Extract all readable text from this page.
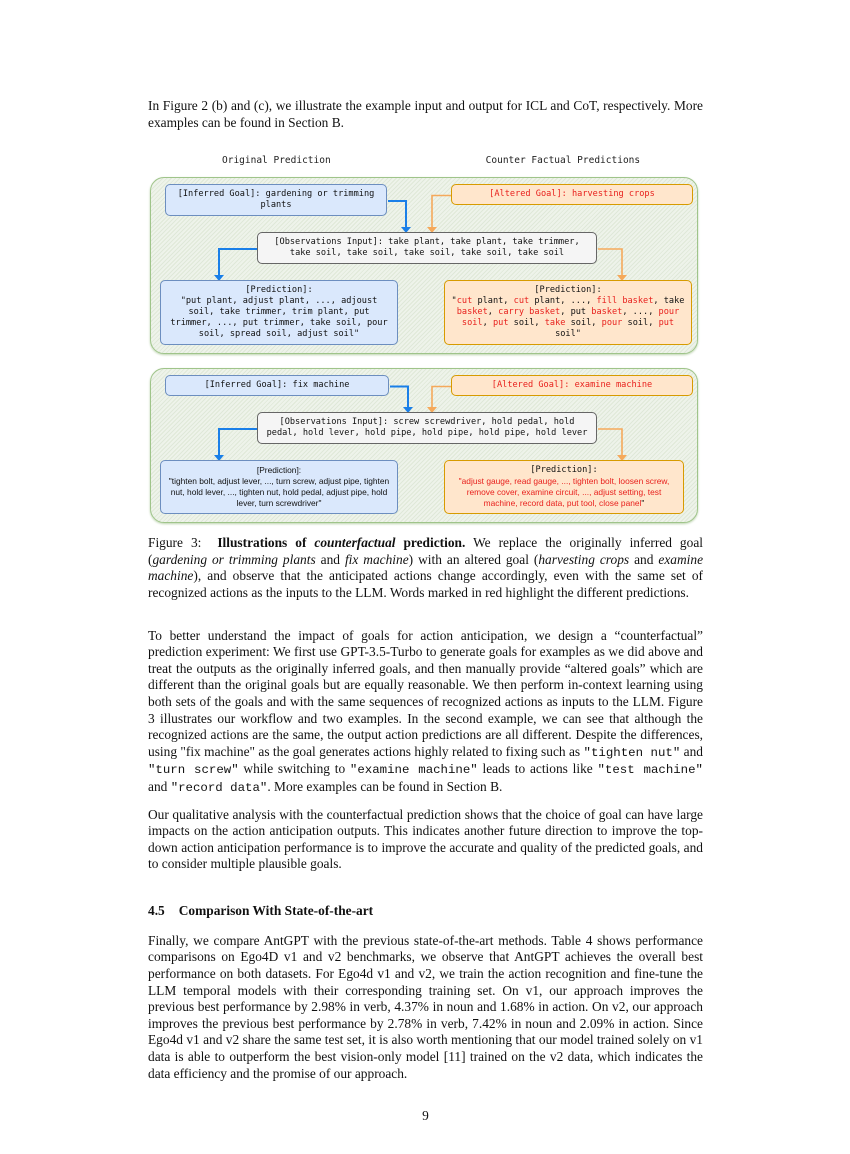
In Figure 2 (b) and (c), we illustrate the example input and output for ICL and CoT, respectively. More examples can be found in Section B.

Original Prediction	Counter Factual Predictions
[Inferred Goal]: gardening or trimming plants
[Altered Goal]: harvesting crops
[Observations Input]: take plant, take plant, take trimmer, take soil, take soil, take soil, take soil, take soil
[Prediction]:
"put plant, adjust plant, ..., adjoust soil, take trimmer, trim plant, put trimmer, ..., put trimmer, take soil, pour soil, spread soil, adjust soil"
[Prediction]:
"cut plant, cut plant, ..., fill basket, take basket, carry basket, put basket, ..., pour soil, put soil, take soil, pour soil, put soil"
[Inferred Goal]: fix machine	[Altered Goal]: examine machine
[Observations Input]: screw screwdriver, hold pedal, hold pedal, hold lever, hold pipe, hold pipe, hold pipe, hold lever
[Prediction]:
"tighten bolt, adjust lever, ..., turn screw, adjust pipe, tighten nut, hold lever, ..., tighten nut, hold pedal, adjust pipe, hold lever, turn screwdriver"
[Prediction]:
"adjust gauge, read gauge, ..., tighten bolt, loosen screw, remove cover, examine circuit, ..., adjust setting, test machine, record data, put tool, close panel"

Figure 3: Illustrations of counterfactual prediction. We replace the originally inferred goal (gardening or trimming plants and fix machine) with an altered goal (harvesting crops and examine machine), and observe that the anticipated actions change accordingly, even with the same set of recognized actions as the inputs to the LLM. Words marked in red highlight the different predictions.

To better understand the impact of goals for action anticipation, we design a “counterfactual” prediction experiment: We first use GPT-3.5-Turbo to generate goals for examples as we did above and treat the outputs as the originally inferred goals, and then manually provide “altered goals” which are different than the original goals but are equally reasonable. We then perform in-context learning using both sets of the goals and with the same sequences of recognized actions as inputs to the LLM. Figure 3 illustrates our workflow and two examples. In the second example, we can see that although the recognized actions are the same, the output action predictions are all different. Despite the differences, using "fix machine" as the goal generates actions highly related to fixing such as "tighten nut" and "turn screw" while switching to "examine machine" leads to actions like "test machine" and "record data". More examples can be found in Section B.

Our qualitative analysis with the counterfactual prediction shows that the choice of goal can have large impacts on the action anticipation outputs. This indicates another future direction to improve the top-down action anticipation performance is to improve the accurate and quality of the predicted goals, and to consider multiple plausible goals.

4.5 Comparison With State-of-the-art

Finally, we compare AntGPT with the previous state-of-the-art methods. Table 4 shows performance comparisons on Ego4D v1 and v2 benchmarks, we observe that AntGPT achieves the overall best performance on both datasets. For Ego4d v1 and v2, we train the action recognition and fine-tune the LLM temporal models with their corresponding training set. On v1, our approach improves the previous best performance by 2.98% in verb, 4.37% in noun and 1.68% in action. On v2, our approach improves the previous best performance by 2.78% in verb, 7.42% in noun and 2.09% in action. Since Ego4d v1 and v2 share the same test set, it is also worth mentioning that our model trained solely on v1 data is able to outperform the best vision-only model [11] trained on the v2 data, which indicates the data efficiency and the promise of our approach.

9
